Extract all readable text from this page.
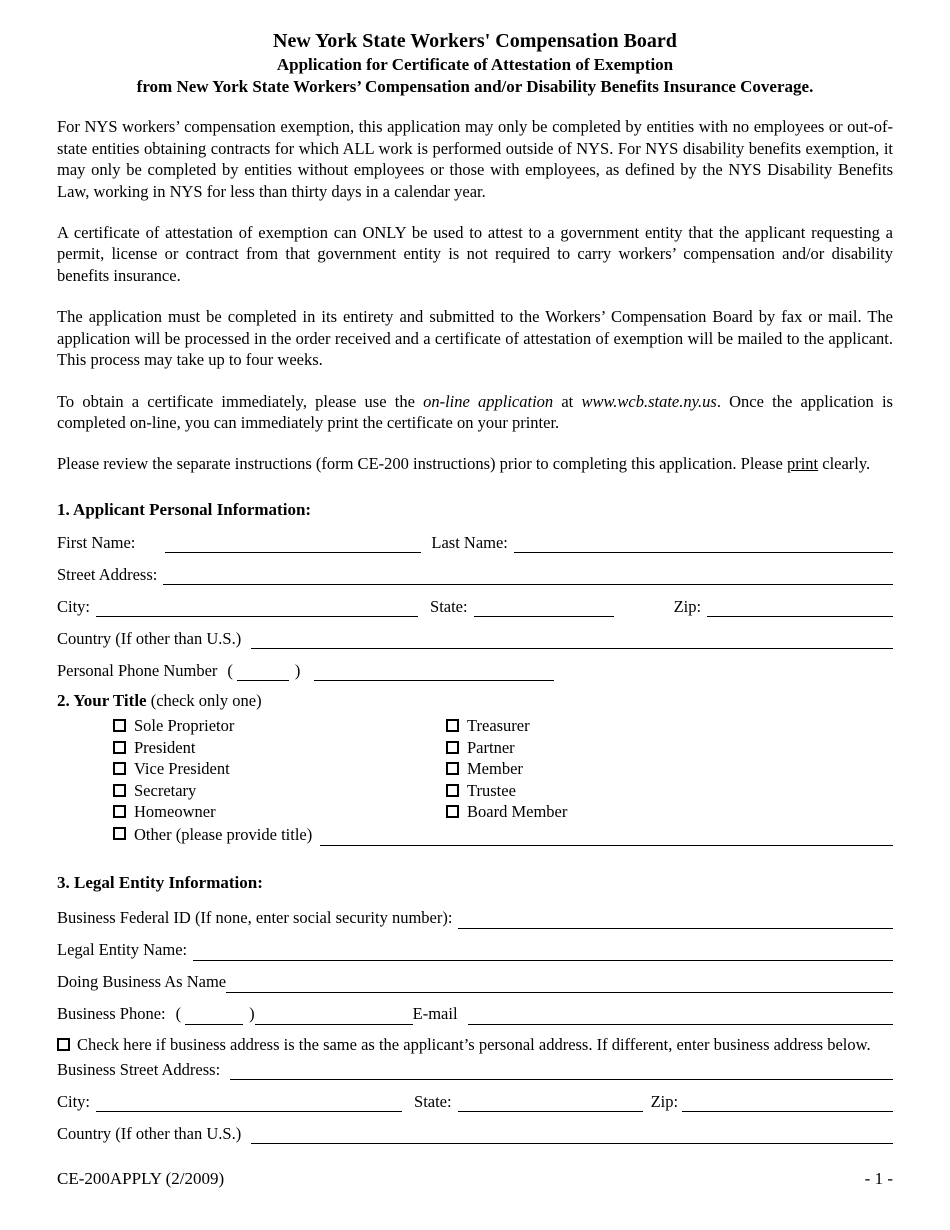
New York State Workers' Compensation Board
Application for Certificate of Attestation of Exemption
from New York State Workers’ Compensation and/or Disability Benefits Insurance Coverage.

For NYS workers’ compensation exemption, this application may only be completed by entities with no employees or out-of-state entities obtaining contracts for which ALL work is performed outside of NYS. For NYS disability benefits exemption, it may only be completed by entities without employees or those with employees, as defined by the NYS Disability Benefits Law, working in NYS for less than thirty days in a calendar year.

A certificate of attestation of exemption can ONLY be used to attest to a government entity that the applicant requesting a permit, license or contract from that government entity is not required to carry workers’ compensation and/or disability benefits insurance.

The application must be completed in its entirety and submitted to the Workers’ Compensation Board by fax or mail. The application will be processed in the order received and a certificate of attestation of exemption will be mailed to the applicant. This process may take up to four weeks.

To obtain a certificate immediately, please use the on-line application at www.wcb.state.ny.us. Once the application is completed on-line, you can immediately print the certificate on your printer.

Please review the separate instructions (form CE-200 instructions) prior to completing this application. Please print clearly.

1. Applicant Personal Information:
First Name:	Last Name:
Street Address:
City:	State:	Zip:
Country (If other than U.S.)
Personal Phone Number (	)
2. Your Title (check only one)
Sole Proprietor	Treasurer
President	Partner
Vice President	Member
Secretary	Trustee
Homeowner	Board Member
Other (please provide title)
3. Legal Entity Information:
Business Federal ID (If none, enter social security number):
Legal Entity Name:
Doing Business As Name
Business Phone: (	)	E-mail
Check here if business address is the same as the applicant’s personal address. If different, enter business address below.
Business Street Address:
City:	State:	Zip:
Country (If other than U.S.)
CE-200APPLY (2/2009)	- 1 -
